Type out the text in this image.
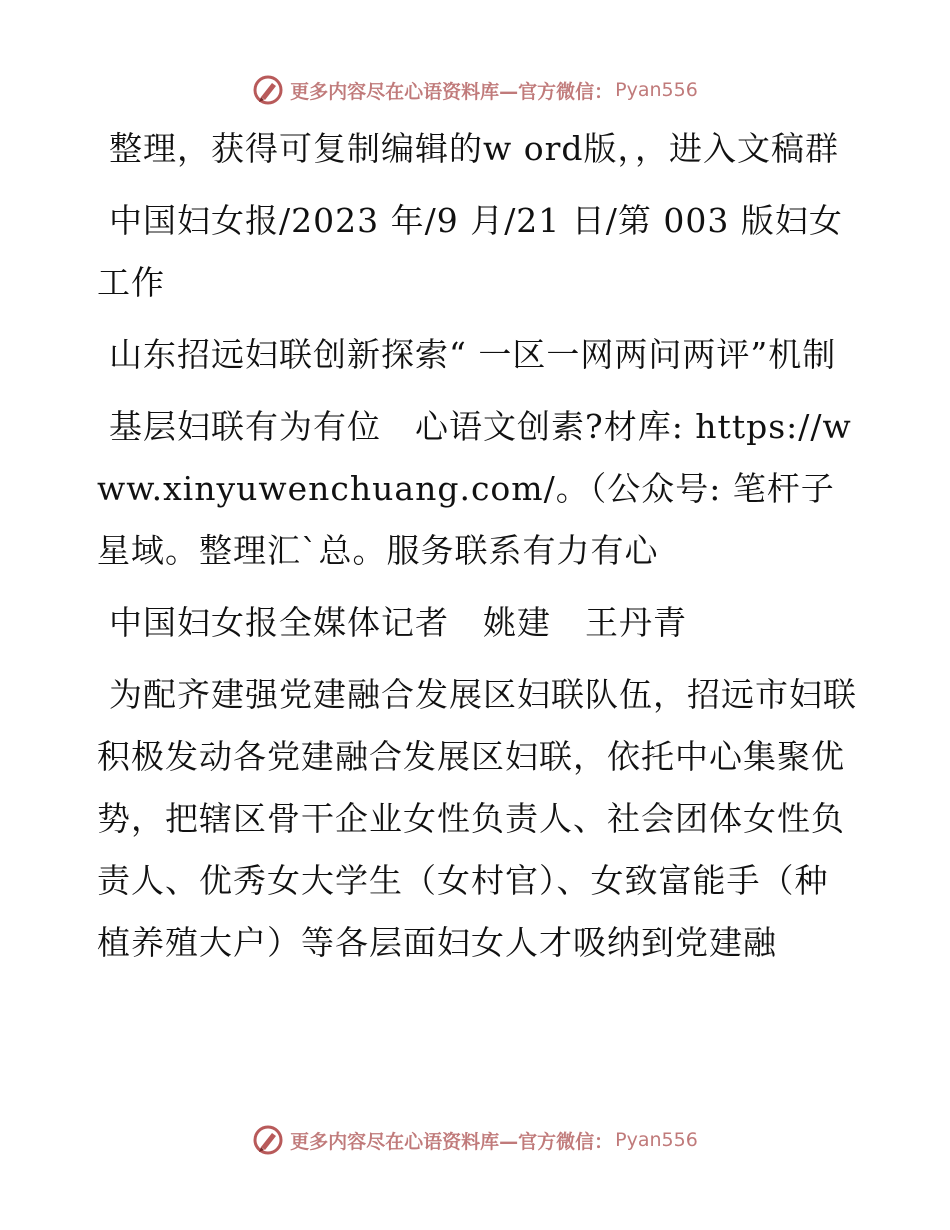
更多内容尽在心语资料库—官方微信： Pyan556

整理，获得可复制编辑的w ord版，，进入文稿群

中国妇女报/2023 年/9 月/21 日/第 003 版妇女工作

山东招远妇联创新探索“ 一区一网两问两评”机制

基层妇联有为有位　心语文创素?材库: https://www.xinyuwenchuang.com/。（公众号: 笔杆子星域。整理汇`总。服务联系有力有心

中国妇女报全媒体记者　姚建　王丹青

为配齐建强党建融合发展区妇联队伍，招远市妇联积极发动各党建融合发展区妇联，依托中心集聚优势，把辖区骨干企业女性负责人、社会团体女性负责人、优秀女大学生（女村官）、女致富能手（种植养殖大户）等各层面妇女人才吸纳到党建融

更多内容尽在心语资料库—官方微信： Pyan556
